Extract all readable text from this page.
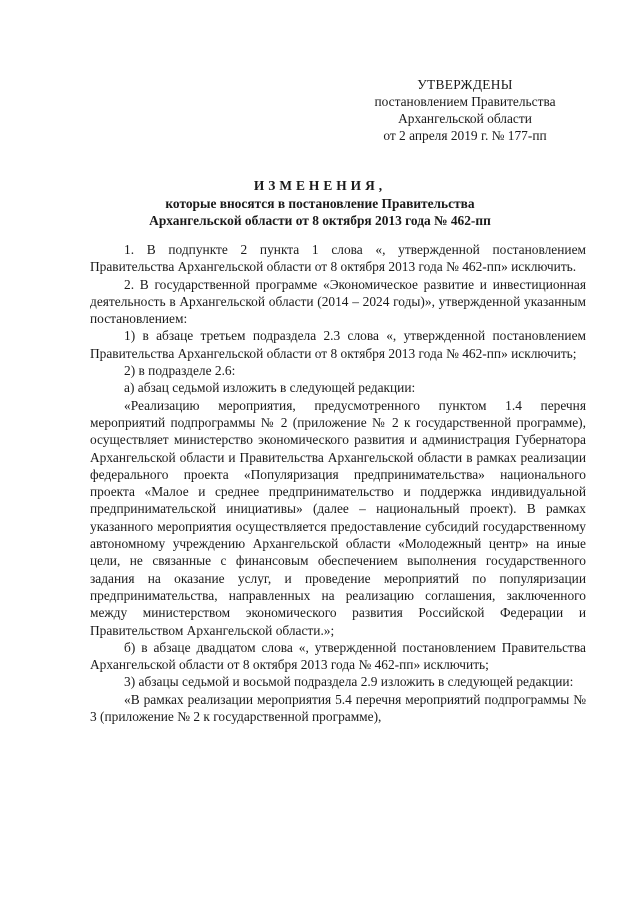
УТВЕРЖДЕНЫ
постановлением Правительства
Архангельской области
от 2 апреля 2019 г. № 177-пп
ИЗМЕНЕНИЯ,
которые вносятся в постановление Правительства
Архангельской области от 8 октября 2013 года № 462-пп

1. В подпункте 2 пункта 1 слова «, утвержденной постановлением Правительства Архангельской области от 8 октября 2013 года № 462-пп» исключить.

2. В государственной программе «Экономическое развитие и инвестиционная деятельность в Архангельской области (2014 – 2024 годы)», утвержденной указанным постановлением:

1) в абзаце третьем подраздела 2.3 слова «, утвержденной постановлением Правительства Архангельской области от 8 октября 2013 года № 462-пп» исключить;

2) в подразделе 2.6:

а) абзац седьмой изложить в следующей редакции:

«Реализацию мероприятия, предусмотренного пунктом 1.4 перечня мероприятий подпрограммы № 2 (приложение № 2 к государственной программе), осуществляет министерство экономического развития и администрация Губернатора Архангельской области и Правительства Архангельской области в рамках реализации федерального проекта «Популяризация предпринимательства» национального проекта «Малое и среднее предпринимательство и поддержка индивидуальной предпринимательской инициативы» (далее – национальный проект). В рамках указанного мероприятия осуществляется предоставление субсидий государственному автономному учреждению Архангельской области «Молодежный центр» на иные цели, не связанные с финансовым обеспечением выполнения государственного задания на оказание услуг, и проведение мероприятий по популяризации предпринимательства, направленных на реализацию соглашения, заключенного между министерством экономического развития Российской Федерации и Правительством Архангельской области.»;

б) в абзаце двадцатом слова «, утвержденной постановлением Правительства Архангельской области от 8 октября 2013 года № 462-пп» исключить;

3) абзацы седьмой и восьмой подраздела 2.9 изложить в следующей редакции:

«В рамках реализации мероприятия 5.4 перечня мероприятий подпрограммы № 3 (приложение № 2 к государственной программе),
